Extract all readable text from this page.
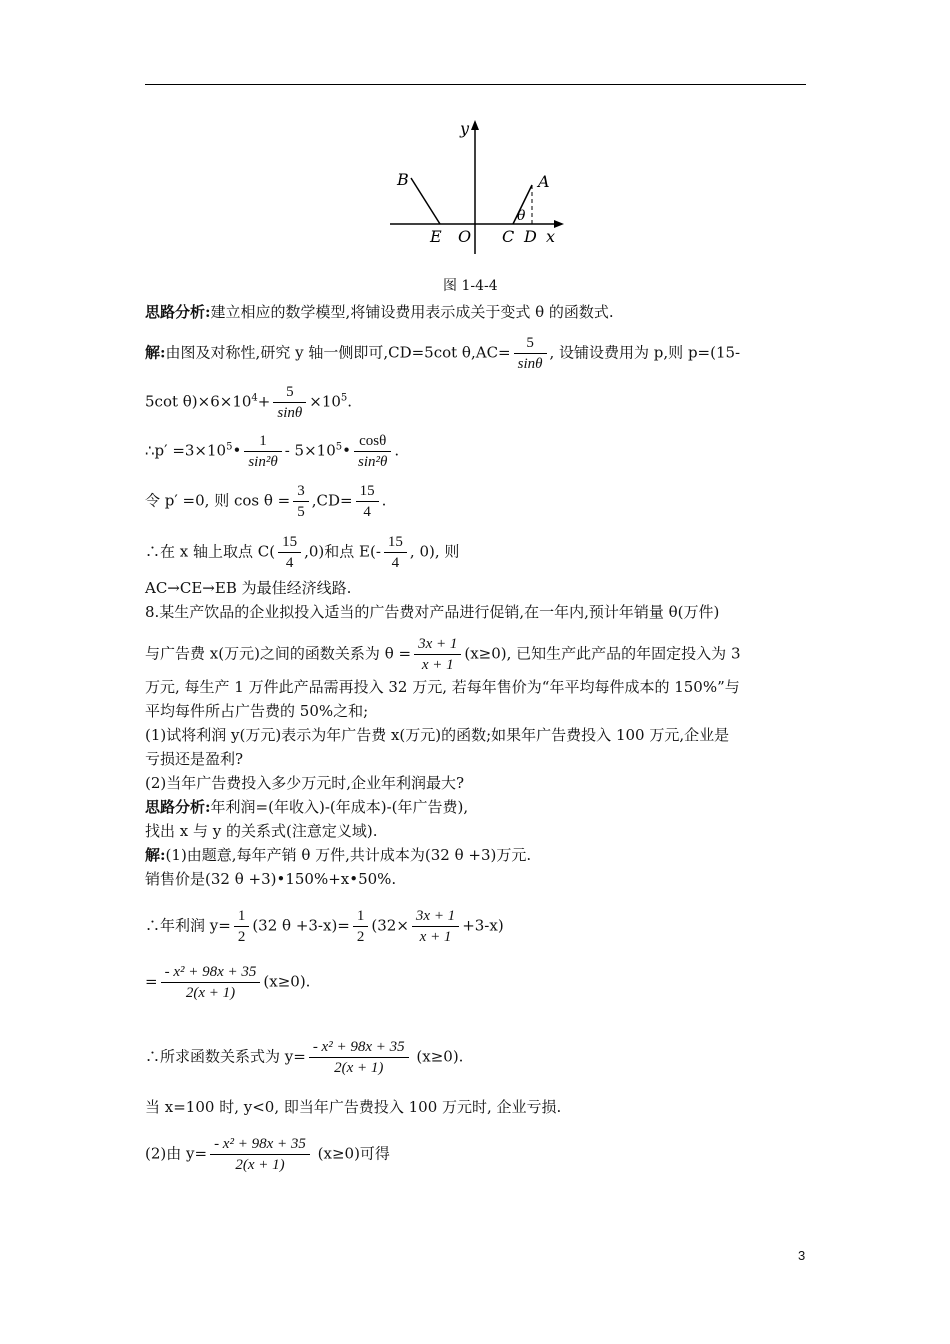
y
B	A
θ
E O C D x
图 1-4-4
思路分析:建立相应的数学模型,将铺设费用表示成关于变式 θ 的函数式.
解:由图及对称性,研究 y 轴一侧即可,CD=5cot $\theta,AC= \frac{5}{\sin\theta}$ , 设铺设费用为 p,则 p=(15-
5cot $\theta)\times 6\times 10^4+ \frac{5}{\sin\theta} \times 10^5$.
∴p′ $=3\times 10^5• \frac{1}{\text{sin²θ}}$ - $5\times 10^5• \frac{\cos\theta}{\text{sin²θ}}$ .
令 p′ =0, 则 $\cos \theta = \frac{3}{5} ,CD= \frac{15}{4}$ .
∴在 x 轴上取点 $C( \frac{15}{4} ,0)$和点 $E(- \frac{15}{4}$ , 0), 则
AC→CE→EB 为最佳经济线路.
8.某生产饮品的企业拟投入适当的广告费对产品进行促销,在一年内,预计年销量 θ(万件)
与广告费 x(万元)之间的函数关系为 $\theta = \frac{3x + 1}{x + 1} (x\ge 0)$, 已知生产此产品的年固定投入为 3
万元, 每生产 1 万件此产品需再投入 32 万元, 若每年售价为“年平均每件成本的 150%”与
平均每件所占广告费的 50%之和;
(1)试将利润 y(万元)表示为年广告费 x(万元)的函数;如果年广告费投入 100 万元,企业是
亏损还是盈利?
(2)当年广告费投入多少万元时,企业年利润最大?
思路分析:年利润=(年收入)-(年成本)-(年广告费),
找出 x 与 y 的关系式(注意定义域).
解:(1)由题意,每年产销 θ 万件,共计成本为(32 θ +3)万元.
销售价是(32 θ +3)•150%+x•50%.
∴年利润 $y= \frac{1}{2} (32$ $\theta +3-x)= \frac{1}{2} (32\times \frac{3x + 1}{x + 1} +3-x)$
= $\frac{\text{- x² + 98x + 35}}{2(x + 1)} (x\ge 0)$.
∴所求函数关系式为 $y= \frac{\text{- x² + 98x + 35}}{2(x + 1)} (x\ge 0)$.
当 x=100 时, y<0, 即当年广告费投入 100 万元时, 企业亏损.
(2)由 $y= \frac{\text{- x² + 98x + 35}}{2(x + 1)} (x\ge 0)$可得
3
